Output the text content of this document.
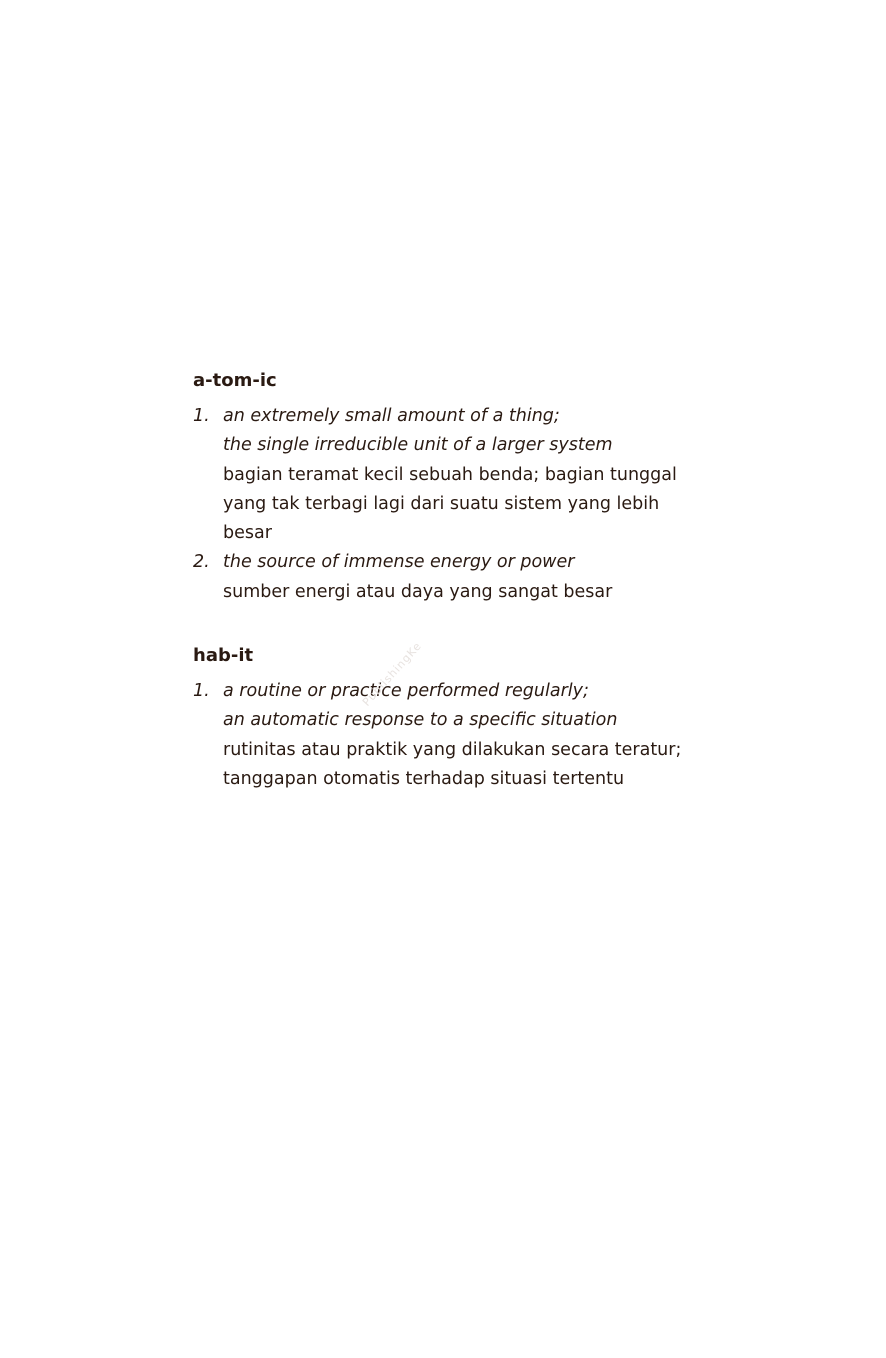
a-tom-ic
1. an extremely small amount of a thing;
the single irreducible unit of a larger system
bagian teramat kecil sebuah benda; bagian tunggal
yang tak terbagi lagi dari suatu sistem yang lebih
besar
2. the source of immense energy or power
sumber energi atau daya yang sangat besar
hab-it
1. a routine or practice performed regularly;
an automatic response to a specific situation
rutinitas atau praktik yang dilakukan secara teratur;
tanggapan otomatis terhadap situasi tertentu
PublishingKe
